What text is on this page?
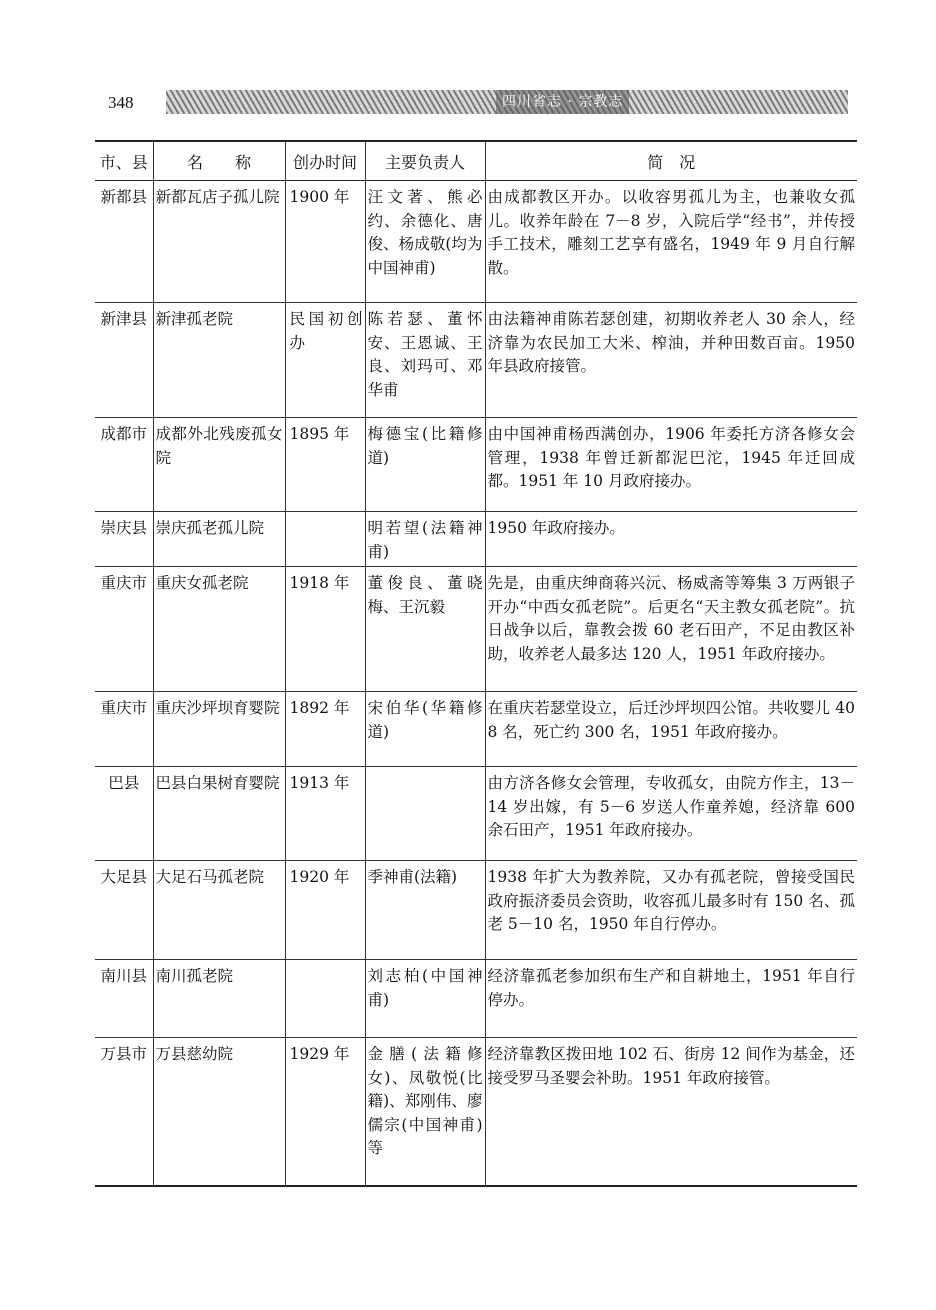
348	四川省志 · 宗教志
市、县	名　　称	创办时间	主要负责人	简　况
新都县	新都瓦店子孤儿院	1900 年	汪文著、熊必约、余德化、唐俊、杨成敬(均为中国神甫)	由成都教区开办。以收容男孤儿为主，也兼收女孤儿。收养年龄在 7－8 岁，入院后学“经书”，并传授手工技术，雕刻工艺享有盛名，1949 年 9 月自行解散。
新津县	新津孤老院	民国初创办	陈若瑟、董怀安、王恩诚、王良、刘玛可、邓华甫	由法籍神甫陈若瑟创建，初期收养老人 30 余人，经济靠为农民加工大米、榨油，并种田数百亩。1950 年县政府接管。
成都市	成都外北残废孤女院	1895 年	梅德宝(比籍修道)	由中国神甫杨西满创办，1906 年委托方济各修女会管理，1938 年曾迁新都泥巴沱，1945 年迁回成都。1951 年 10 月政府接办。
崇庆县	崇庆孤老孤儿院		明若望(法籍神甫)	1950 年政府接办。
重庆市	重庆女孤老院	1918 年	董俊良、董晓梅、王沉毅	先是，由重庆绅商蒋兴沅、杨威斋等筹集 3 万两银子开办“中西女孤老院”。后更名“天主教女孤老院”。抗日战争以后，靠教会拨 60 老石田产，不足由教区补助，收养老人最多达 120 人，1951 年政府接办。
重庆市	重庆沙坪坝育婴院	1892 年	宋伯华(华籍修道)	在重庆若瑟堂设立，后迁沙坪坝四公馆。共收婴儿 408 名，死亡约 300 名，1951 年政府接办。
巴县	巴县白果树育婴院	1913 年		由方济各修女会管理，专收孤女，由院方作主，13－14 岁出嫁，有 5－6 岁送人作童养媳，经济靠 600 余石田产，1951 年政府接办。
大足县	大足石马孤老院	1920 年	季神甫(法籍)	1938 年扩大为教养院，又办有孤老院，曾接受国民政府振济委员会资助，收容孤儿最多时有 150 名、孤老 5－10 名，1950 年自行停办。
南川县	南川孤老院		刘志柏(中国神甫)	经济靠孤老参加织布生产和自耕地土，1951 年自行停办。
万县市	万县慈幼院	1929 年	金膳(法籍修女)、凤敬悦(比籍)、郑刚伟、廖儒宗(中国神甫)等	经济靠教区拨田地 102 石、街房 12 间作为基金，还接受罗马圣婴会补助。1951 年政府接管。
